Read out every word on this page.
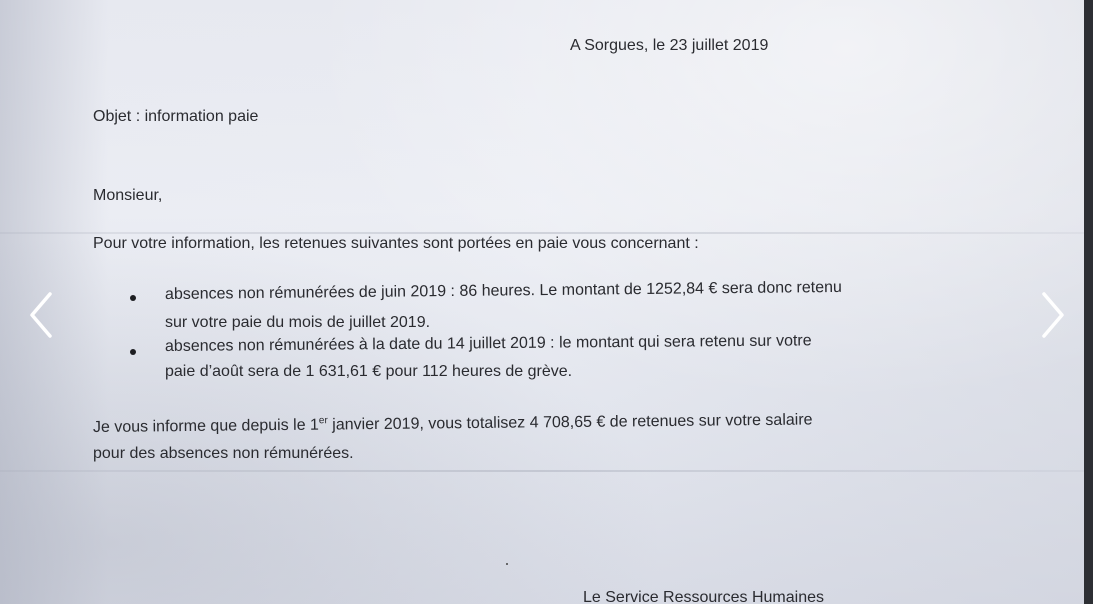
A Sorgues, le 23 juillet 2019
Objet : information paie
Monsieur,
Pour votre information, les retenues suivantes sont portées en paie vous concernant :
absences non rémunérées de juin 2019 : 86 heures. Le montant de 1252,84 € sera donc retenu
sur votre paie du mois de juillet 2019.
absences non rémunérées à la date du 14 juillet 2019 : le montant qui sera retenu sur votre
paie d’août sera de 1 631,61 € pour 112 heures de grève.
Je vous informe que depuis le 1er janvier 2019, vous totalisez 4 708,65 € de retenues sur votre salaire
pour des absences non rémunérées.
Le Service Ressources Humaines
